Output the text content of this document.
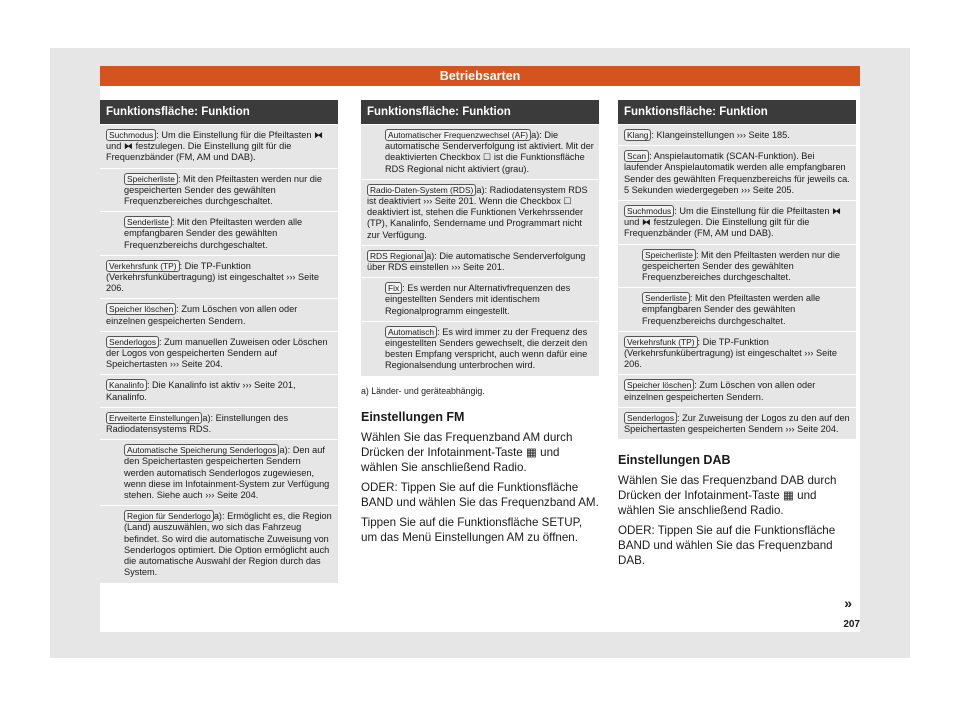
Betriebsarten
Funktionsfläche: Funktion
Suchmodus : Um die Einstellung für die Pfeiltasten ⧓ und ⧓ festzulegen. Die Einstellung gilt für die Frequenzbänder (FM, AM und DAB).
Speicherliste : Mit den Pfeiltasten werden nur die gespeicherten Sender des gewählten Frequenzbereiches durchgeschaltet.
Senderliste : Mit den Pfeiltasten werden alle empfangbaren Sender des gewählten Frequenzbereichs durchgeschaltet.
Verkehrsfunk (TP) : Die TP-Funktion (Verkehrsfunkübertragung) ist eingeschaltet ››› Seite 206.
Speicher löschen : Zum Löschen von allen oder einzelnen gespeicherten Sendern.
Senderlogos : Zum manuellen Zuweisen oder Löschen der Logos von gespeicherten Sendern auf Speichertasten ››› Seite 204.
Kanalinfo : Die Kanalinfo ist aktiv ››› Seite 201, Kanalinfo.
Erweiterte Einstellungen a): Einstellungen des Radiodatensystems RDS.
Automatische Speicherung Senderlogos a): Den auf den Speichertasten gespeicherten Sendern werden automatisch Senderlogos zugewiesen, wenn diese im Infotainment-System zur Verfügung stehen. Siehe auch ››› Seite 204.
Region für Senderlogo a): Ermöglicht es, die Region (Land) auszuwählen, wo sich das Fahrzeug befindet. So wird die automatische Zuweisung von Senderlogos optimiert. Die Option ermöglicht auch die automatische Auswahl der Region durch das System.
Funktionsfläche: Funktion
Automatischer Frequenzwechsel (AF) a): Die automatische Senderverfolgung ist aktiviert. Mit der deaktivierten Checkbox ☐ ist die Funktionsfläche RDS Regional nicht aktiviert (grau).
Radio-Daten-System (RDS) a): Radiodatensystem RDS ist deaktiviert ››› Seite 201. Wenn die Checkbox ☐ deaktiviert ist, stehen die Funktionen Verkehrssender (TP), Kanalinfo, Sendername und Programmart nicht zur Verfügung.
RDS Regional a): Die automatische Senderverfolgung über RDS einstellen ››› Seite 201.
Fix : Es werden nur Alternativfrequenzen des eingestellten Senders mit identischem Regionalprogramm eingestellt.
Automatisch : Es wird immer zu der Frequenz des eingestellten Senders gewechselt, die derzeit den besten Empfang verspricht, auch wenn dafür eine Regionalsendung unterbrochen wird.
a) Länder- und geräteabhängig.
Einstellungen FM

Wählen Sie das Frequenzband AM durch Drücken der Infotainment-Taste ▦ und wählen Sie anschließend Radio.

ODER: Tippen Sie auf die Funktionsfläche BAND und wählen Sie das Frequenzband AM.

Tippen Sie auf die Funktionsfläche SETUP, um das Menü Einstellungen AM zu öffnen.

Funktionsfläche: Funktion
Klang : Klangeinstellungen ››› Seite 185.
Scan : Anspielautomatik (SCAN-Funktion). Bei laufender Anspielautomatik werden alle empfangbaren Sender des gewählten Frequenzbereichs für jeweils ca. 5 Sekunden wiedergegeben ››› Seite 205.
Suchmodus : Um die Einstellung für die Pfeiltasten ⧓ und ⧓ festzulegen. Die Einstellung gilt für die Frequenzbänder (FM, AM und DAB).
Speicherliste : Mit den Pfeiltasten werden nur die gespeicherten Sender des gewählten Frequenzbereiches durchgeschaltet.
Senderliste : Mit den Pfeiltasten werden alle empfangbaren Sender des gewählten Frequenzbereichs durchgeschaltet.
Verkehrsfunk (TP) : Die TP-Funktion (Verkehrsfunkübertragung) ist eingeschaltet ››› Seite 206.
Speicher löschen : Zum Löschen von allen oder einzelnen gespeicherten Sendern.
Senderlogos : Zur Zuweisung der Logos zu den auf den Speichertasten gespeicherten Sendern ››› Seite 204.
Einstellungen DAB

Wählen Sie das Frequenzband DAB durch Drücken der Infotainment-Taste ▦ und wählen Sie anschließend Radio.

ODER: Tippen Sie auf die Funktionsfläche BAND und wählen Sie das Frequenzband DAB.

»
207
